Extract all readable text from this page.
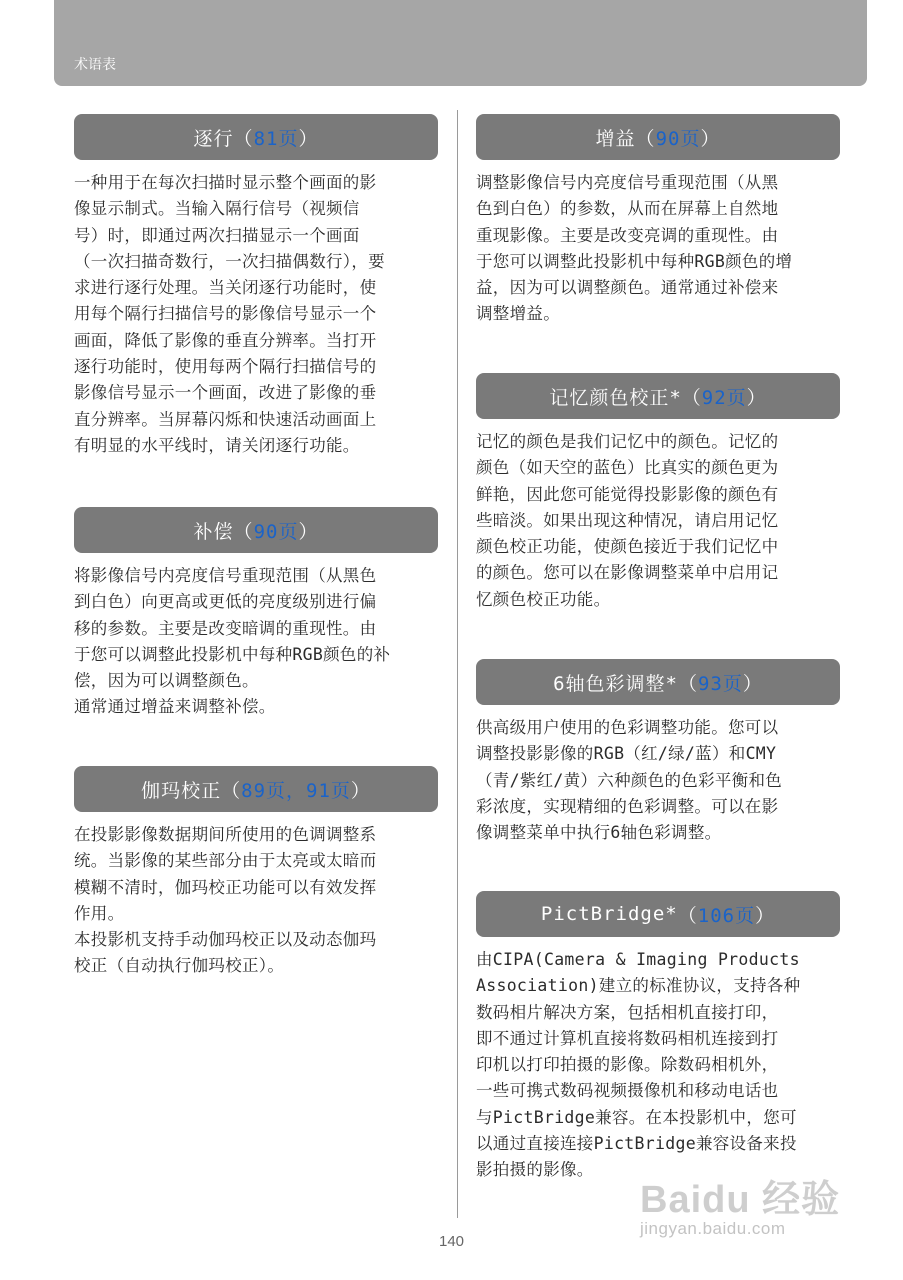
术语表
逐行 （ 81页 ）
一种用于在每次扫描时显示整个画面的影
像显示制式。当输入隔行信号（视频信
号）时，即通过两次扫描显示一个画面
（一次扫描奇数行，一次扫描偶数行），要
求进行逐行处理。当关闭逐行功能时，使
用每个隔行扫描信号的影像信号显示一个
画面，降低了影像的垂直分辨率。当打开
逐行功能时，使用每两个隔行扫描信号的
影像信号显示一个画面，改进了影像的垂
直分辨率。当屏幕闪烁和快速活动画面上
有明显的水平线时，请关闭逐行功能。
补偿 （ 90页 ）
将影像信号内亮度信号重现范围（从黑色
到白色）向更高或更低的亮度级别进行偏
移的参数。主要是改变暗调的重现性。由
于您可以调整此投影机中每种RGB颜色的补
偿，因为可以调整颜色。
通常通过增益来调整补偿。
伽玛校正 （ 89页，91页 ）
在投影影像数据期间所使用的色调调整系
统。当影像的某些部分由于太亮或太暗而
模糊不清时，伽玛校正功能可以有效发挥
作用。
本投影机支持手动伽玛校正以及动态伽玛
校正（自动执行伽玛校正）。
增益 （ 90页 ）
调整影像信号内亮度信号重现范围（从黑
色到白色）的参数，从而在屏幕上自然地
重现影像。主要是改变亮调的重现性。由
于您可以调整此投影机中每种RGB颜色的增
益，因为可以调整颜色。通常通过补偿来
调整增益。
记忆颜色校正* （ 92页 ）
记忆的颜色是我们记忆中的颜色。记忆的
颜色（如天空的蓝色）比真实的颜色更为
鲜艳，因此您可能觉得投影影像的颜色有
些暗淡。如果出现这种情况，请启用记忆
颜色校正功能，使颜色接近于我们记忆中
的颜色。您可以在影像调整菜单中启用记
忆颜色校正功能。
6轴色彩调整* （ 93页 ）
供高级用户使用的色彩调整功能。您可以
调整投影影像的RGB（红/绿/蓝）和CMY
（青/紫红/黄）六种颜色的色彩平衡和色
彩浓度，实现精细的色彩调整。可以在影
像调整菜单中执行6轴色彩调整。
PictBridge* （ 106页 ）
由CIPA(Camera & Imaging Products
Association)建立的标准协议，支持各种
数码相片解决方案，包括相机直接打印，
即不通过计算机直接将数码相机连接到打
印机以打印拍摄的影像。除数码相机外，
一些可携式数码视频摄像机和移动电话也
与PictBridge兼容。在本投影机中，您可
以通过直接连接PictBridge兼容设备来投
影拍摄的影像。
140
Baidu 经验
jingyan.baidu.com
